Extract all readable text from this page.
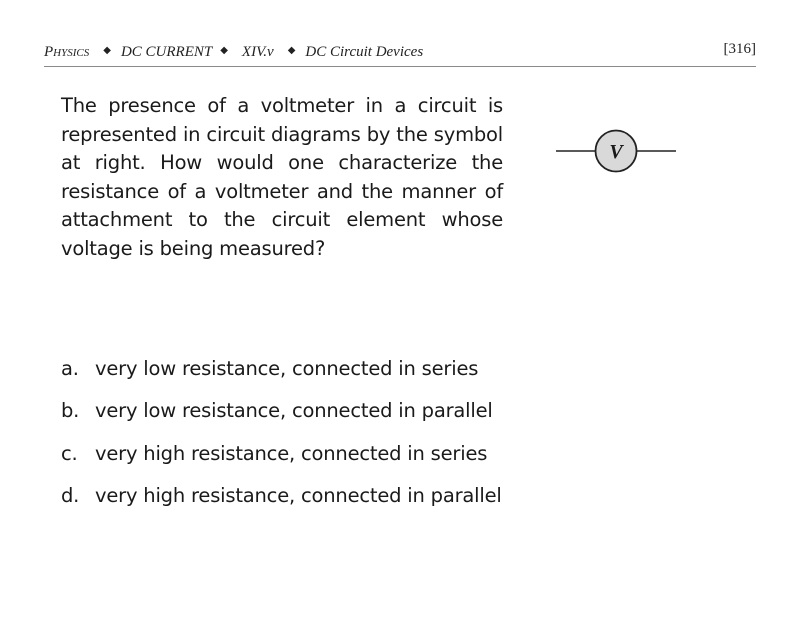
Physics ◆ DC CURRENT ◆ XIV.v ◆ DC Circuit Devices	[316]
The presence of a voltmeter in a circuit is represented in circuit diagrams by the symbol at right. How would one characterize the resistance of a voltmeter and the manner of attachment to the circuit element whose voltage is being measured?
V
a. very low resistance, connected in series
b. very low resistance, connected in parallel
c. very high resistance, connected in series
d. very high resistance, connected in parallel
